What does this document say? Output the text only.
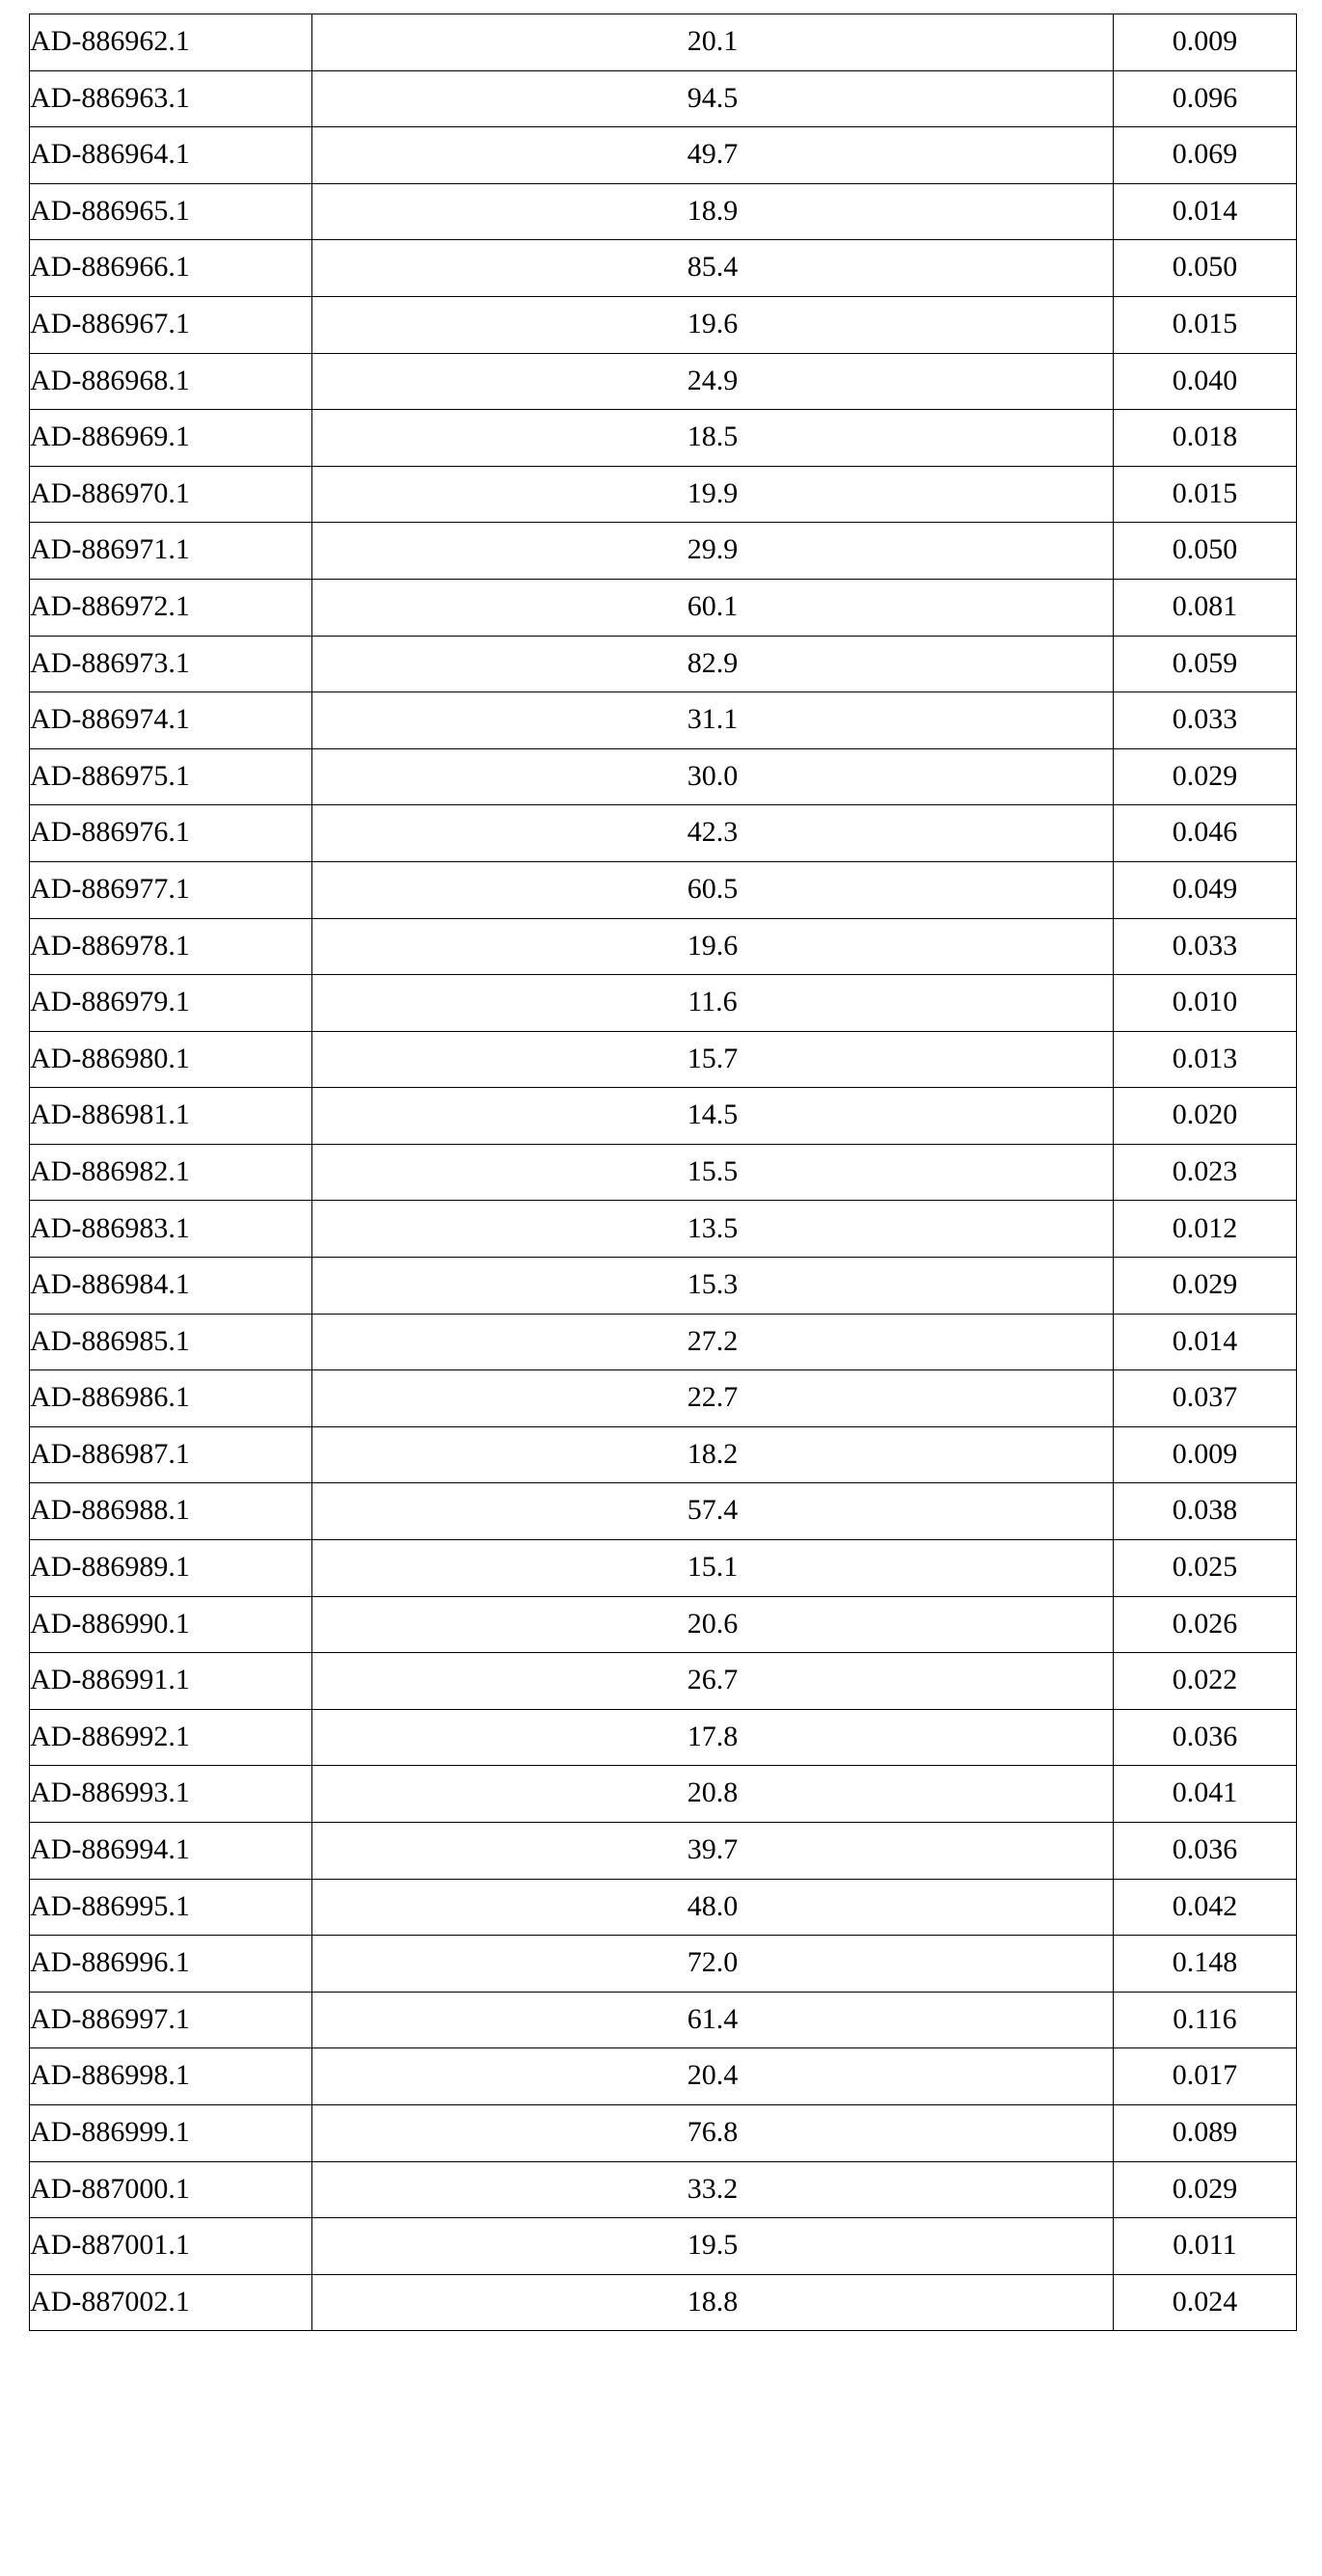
AD-886962.1	20.1	0.009
AD-886963.1	94.5	0.096
AD-886964.1	49.7	0.069
AD-886965.1	18.9	0.014
AD-886966.1	85.4	0.050
AD-886967.1	19.6	0.015
AD-886968.1	24.9	0.040
AD-886969.1	18.5	0.018
AD-886970.1	19.9	0.015
AD-886971.1	29.9	0.050
AD-886972.1	60.1	0.081
AD-886973.1	82.9	0.059
AD-886974.1	31.1	0.033
AD-886975.1	30.0	0.029
AD-886976.1	42.3	0.046
AD-886977.1	60.5	0.049
AD-886978.1	19.6	0.033
AD-886979.1	11.6	0.010
AD-886980.1	15.7	0.013
AD-886981.1	14.5	0.020
AD-886982.1	15.5	0.023
AD-886983.1	13.5	0.012
AD-886984.1	15.3	0.029
AD-886985.1	27.2	0.014
AD-886986.1	22.7	0.037
AD-886987.1	18.2	0.009
AD-886988.1	57.4	0.038
AD-886989.1	15.1	0.025
AD-886990.1	20.6	0.026
AD-886991.1	26.7	0.022
AD-886992.1	17.8	0.036
AD-886993.1	20.8	0.041
AD-886994.1	39.7	0.036
AD-886995.1	48.0	0.042
AD-886996.1	72.0	0.148
AD-886997.1	61.4	0.116
AD-886998.1	20.4	0.017
AD-886999.1	76.8	0.089
AD-887000.1	33.2	0.029
AD-887001.1	19.5	0.011
AD-887002.1	18.8	0.024
